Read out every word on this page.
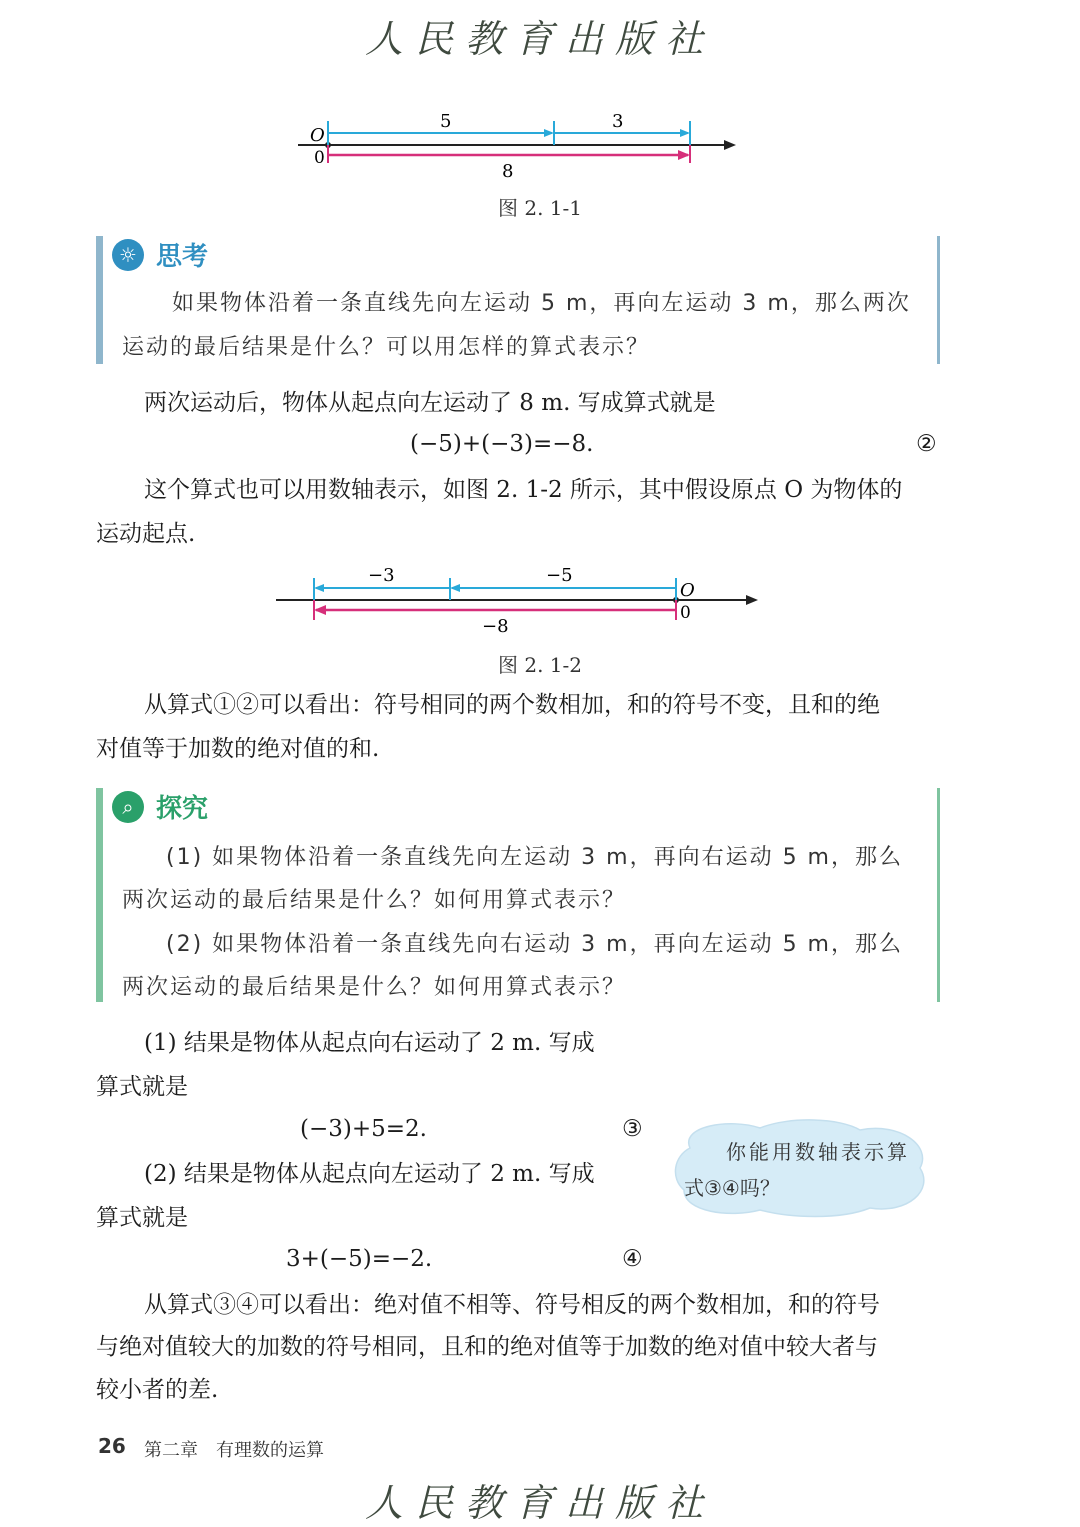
人民教育出版社
5	3
8
O
0
图 2. 1-1
☼ 思考
如果物体沿着一条直线先向左运动 5 m，再向左运动 3 m，那么两次
运动的最后结果是什么？可以用怎样的算式表示？
两次运动后，物体从起点向左运动了 8 m. 写成算式就是
(−5)+(−3)=−8.	②
这个算式也可以用数轴表示，如图 2. 1-2 所示，其中假设原点 O 为物体的
运动起点.
−3	−5
−8
O
0
图 2. 1-2
从算式①②可以看出：符号相同的两个数相加，和的符号不变，且和的绝
对值等于加数的绝对值的和.
⌕ 探究
(1) 如果物体沿着一条直线先向左运动 3 m，再向右运动 5 m，那么
两次运动的最后结果是什么？如何用算式表示？
(2) 如果物体沿着一条直线先向右运动 3 m，再向左运动 5 m，那么
两次运动的最后结果是什么？如何用算式表示？
(1) 结果是物体从起点向右运动了 2 m. 写成
算式就是
(−3)+5=2.	③
(2) 结果是物体从起点向左运动了 2 m. 写成
算式就是
3+(−5)=−2.	④
你能用数轴表示算
式③④吗？
从算式③④可以看出：绝对值不相等、符号相反的两个数相加，和的符号
与绝对值较大的加数的符号相同，且和的绝对值等于加数的绝对值中较大者与
较小者的差.
26 第二章　有理数的运算
人民教育出版社
